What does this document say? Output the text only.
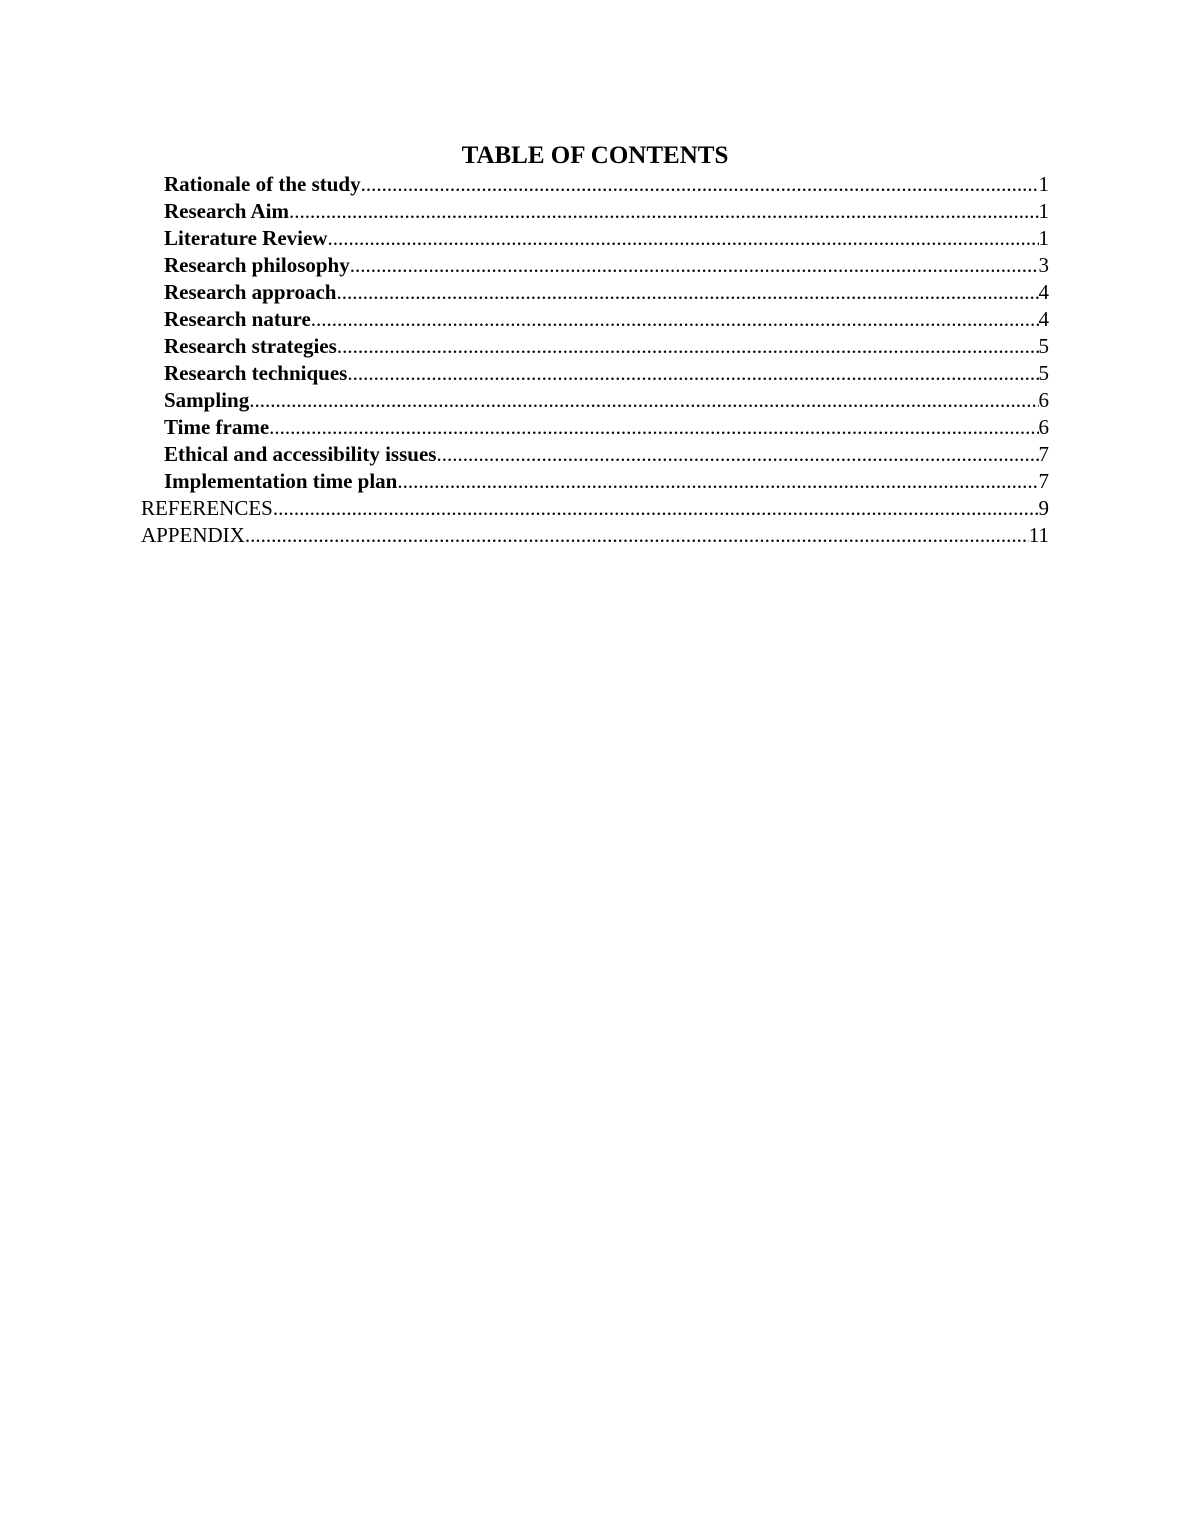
TABLE OF CONTENTS
Rationale of the study .....	1
Research Aim .....	1
Literature Review .....	1
Research philosophy .....	3
Research approach .....	4
Research nature .....	4
Research strategies .....	5
Research techniques .....	5
Sampling .....	6
Time frame .....	6
Ethical and accessibility issues .....	7
Implementation time plan .....	7
REFERENCES .....	9
APPENDIX .....	11
